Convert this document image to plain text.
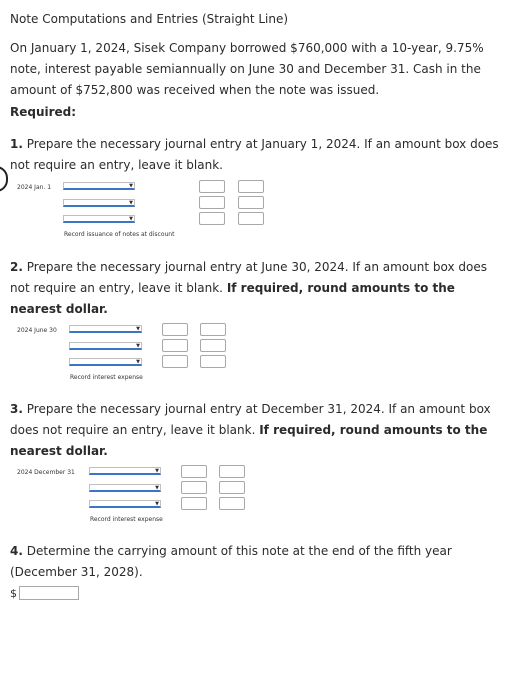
Note Computations and Entries (Straight Line)
On January 1, 2024, Sisek Company borrowed $760,000 with a 10-year, 9.75% note, interest payable semiannually on June 30 and December 31. Cash in the amount of $752,800 was received when the note was issued.
Required:
1. Prepare the necessary journal entry at January 1, 2024. If an amount box does not require an entry, leave it blank.
2024 Jan. 1	▼
▼
▼
Record issuance of notes at discount
2. Prepare the necessary journal entry at June 30, 2024. If an amount box does not require an entry, leave it blank. If required, round amounts to the nearest dollar.
2024 June 30	▼
▼
▼
Record interest expense
3. Prepare the necessary journal entry at December 31, 2024. If an amount box does not require an entry, leave it blank. If required, round amounts to the nearest dollar.
2024 December 31	▼
▼
▼
Record interest expense
4. Determine the carrying amount of this note at the end of the fifth year (December 31, 2028).
$
